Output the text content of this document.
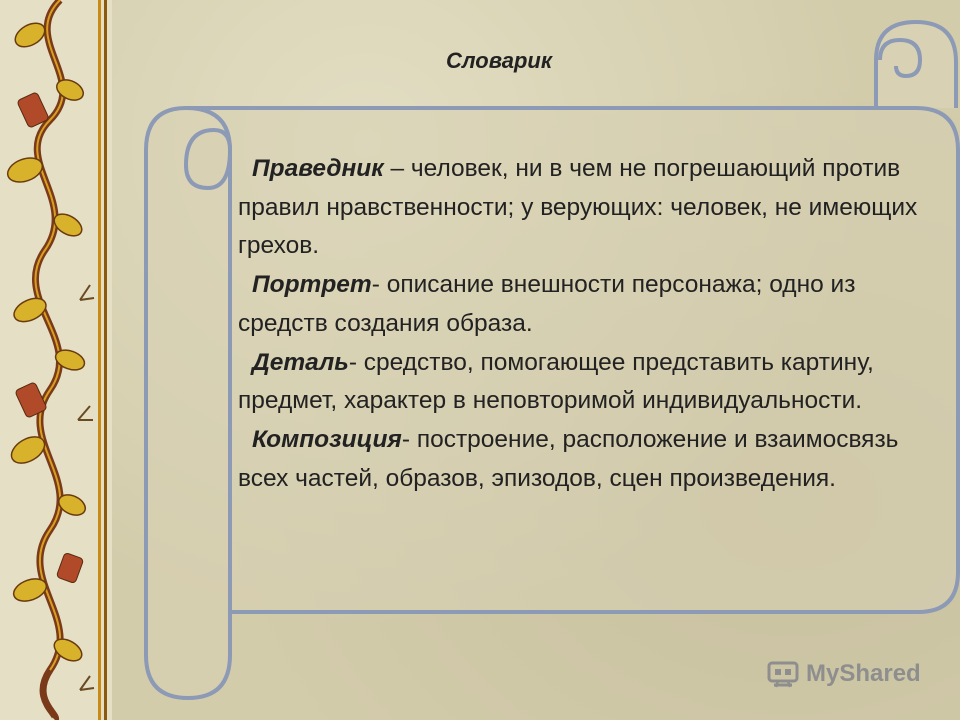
Словарик

Праведник – человек, ни в чем не погрешающий против правил нравственности; у верующих: человек, не имеющих грехов.

Портрет- описание внешности персонажа; одно из средств создания образа.

Деталь- средство, помогающее представить картину, предмет, характер в неповторимой индивидуальности.

Композиция- построение, расположение и взаимосвязь всех частей, образов, эпизодов, сцен произведения.

MyShared
